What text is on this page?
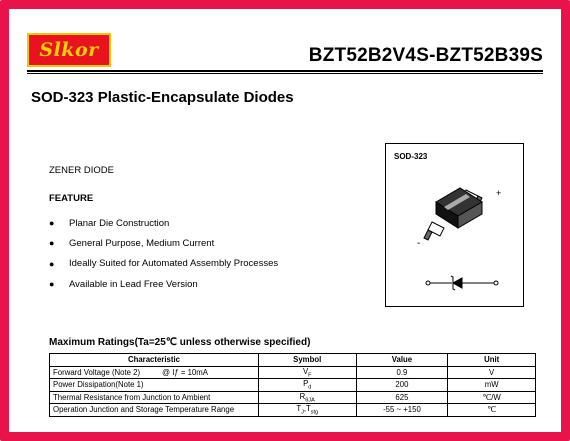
Slkor	BZT52B2V4S-BZT52B39S
SOD-323 Plastic-Encapsulate Diodes
ZENER DIODE
FEATURE
●	Planar Die Construction
●	General Purpose, Medium Current
●	Ideally Suited for Automated Assembly Processes
●	Available in Lead Free Version
SOD-323
+
-
Maximum Ratings(Ta=25℃ unless otherwise specified)
Characteristic	Symbol	Value	Unit
Forward Voltage (Note 2) @ Iƒ = 10mA	$V_F$	0.9	V
Power Dissipation(Note 1)	$P_d$	200	mW
Thermal Resistance from Junction to Ambient	$R_{\theta JA}$	625	℃/W
Operation Junction and Storage Temperature Range	$T_J,T_{stg}$	-55 ~ +150	℃
